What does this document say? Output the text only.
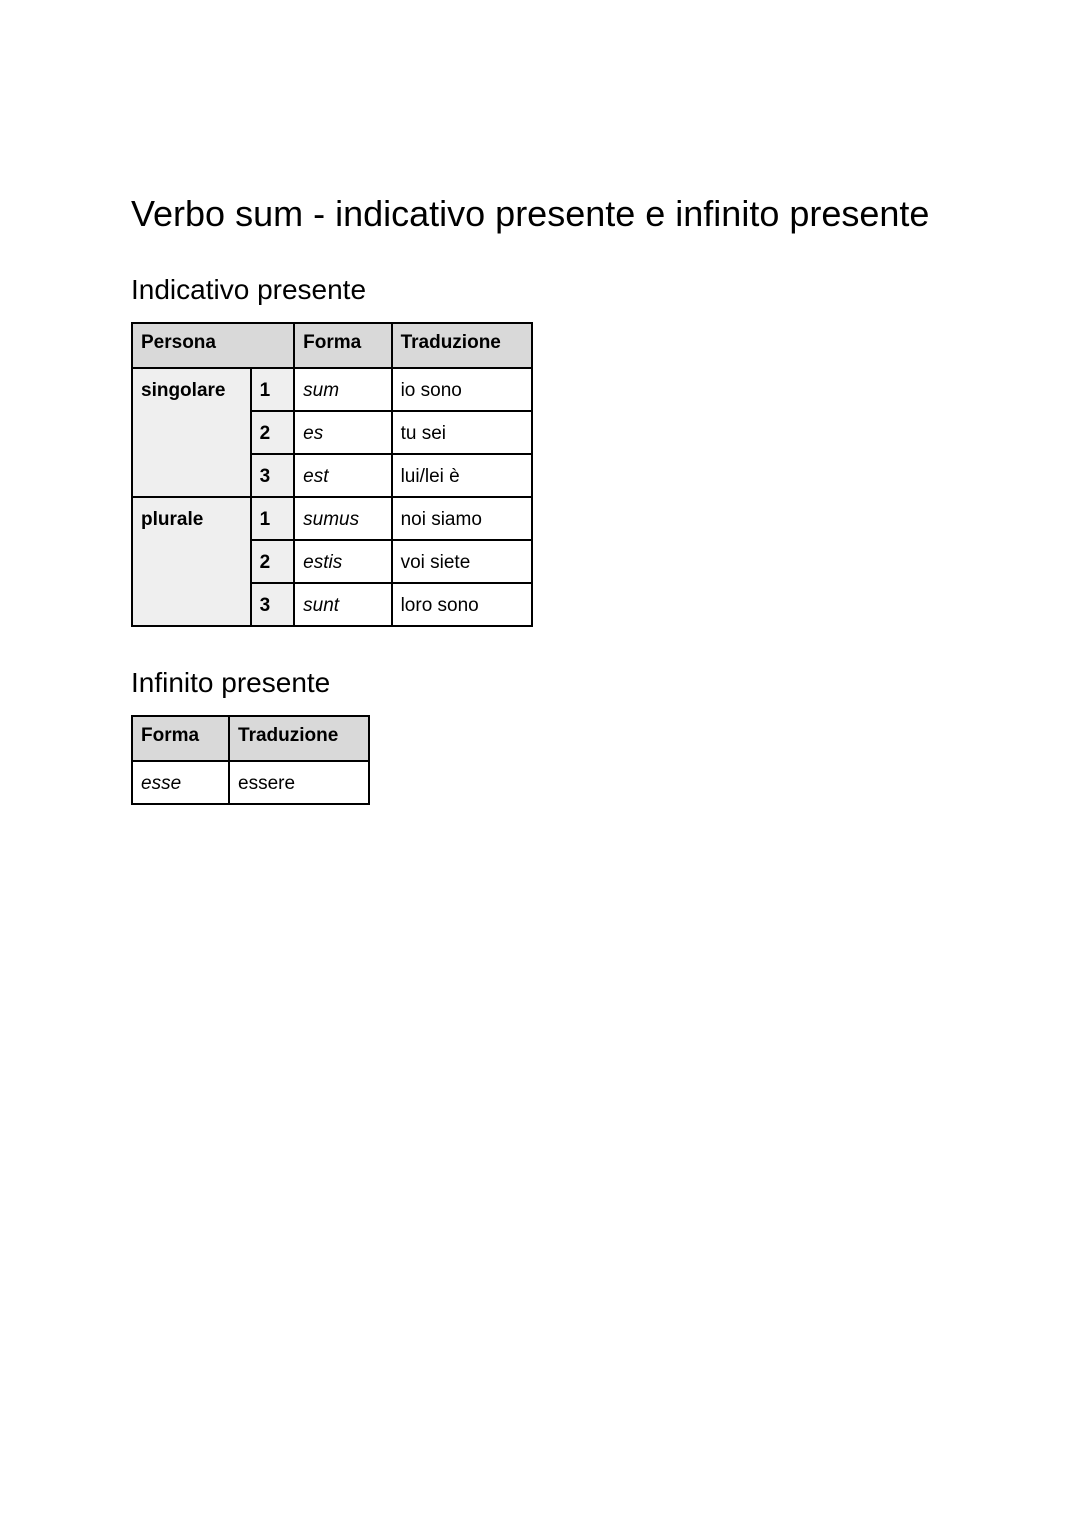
Verbo sum - indicativo presente e infinito presente
Indicativo presente
Persona		Forma	Traduzione
singolare	1	sum	io sono
	2	es	tu sei
	3	est	lui/lei è
plurale	1	sumus	noi siamo
	2	estis	voi siete
	3	sunt	loro sono
Infinito presente
Forma	Traduzione
esse	essere
